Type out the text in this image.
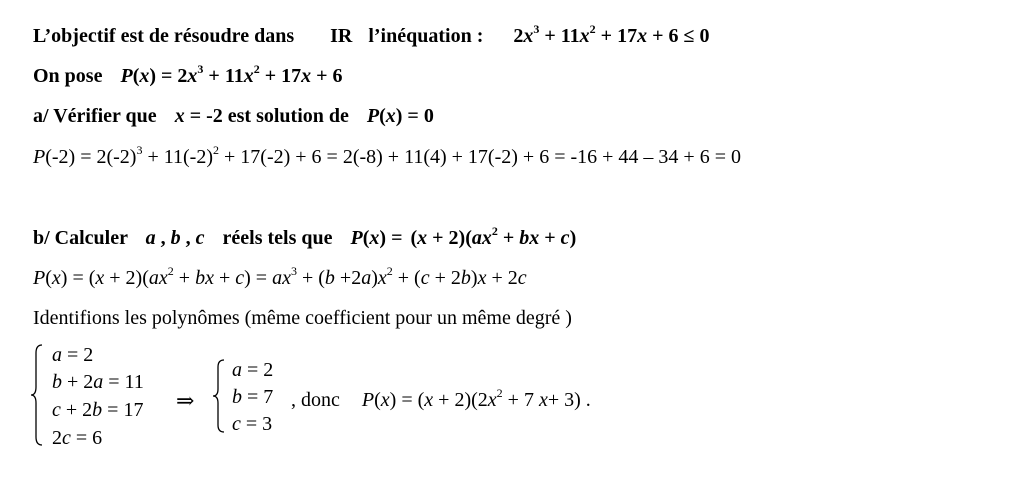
L’objectif est de résoudre dans IR l’inéquation : $2x^3 + 11x^2 + 17x + 6 \le 0$
On pose $P(x) = 2x^3 + 11x^2 + 17x + 6$
a/ Vérifier que x = -2 est solution de P(x) = 0
$P(-2) = 2(-2)^3 + 11(-2)^2 + 17(-2) + 6 = 2(-8) + 11(4) + 17(-2) + 6 = -16 + 44 - 34 + 6 = 0$
b/ Calculer a , b , c réels tels que $P(x) = (x + 2)(ax^2$ + bx + c)
$P(x) = (x + 2)(ax^2$ + bx + $c) = ax^3 + (b +2a)x^2 + (c + 2b)x + 2c$
Identifions les polynômes (même coefficient pour un même degré )
a = 2
b + 2a = 11
c + 2b = 17
2c = 6
⇒
a = 2
b = 7
c = 3
, donc $P(x) = (x + 2)(2x^2 + 7$ x+ 3) .
